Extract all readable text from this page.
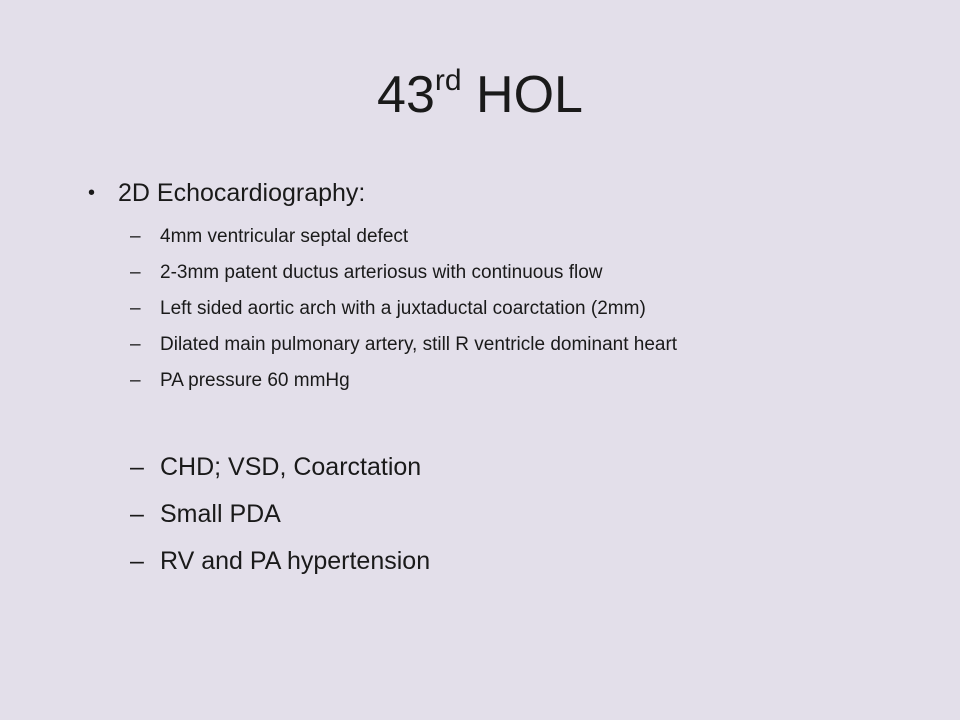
43rd HOL
• 2D Echocardiography:
– 4mm ventricular septal defect
– 2-3mm patent ductus arteriosus with continuous flow
– Left sided aortic arch with a juxtaductal coarctation (2mm)
– Dilated main pulmonary artery, still R ventricle dominant heart
– PA pressure 60 mmHg
– CHD; VSD, Coarctation
– Small PDA
– RV and PA hypertension
